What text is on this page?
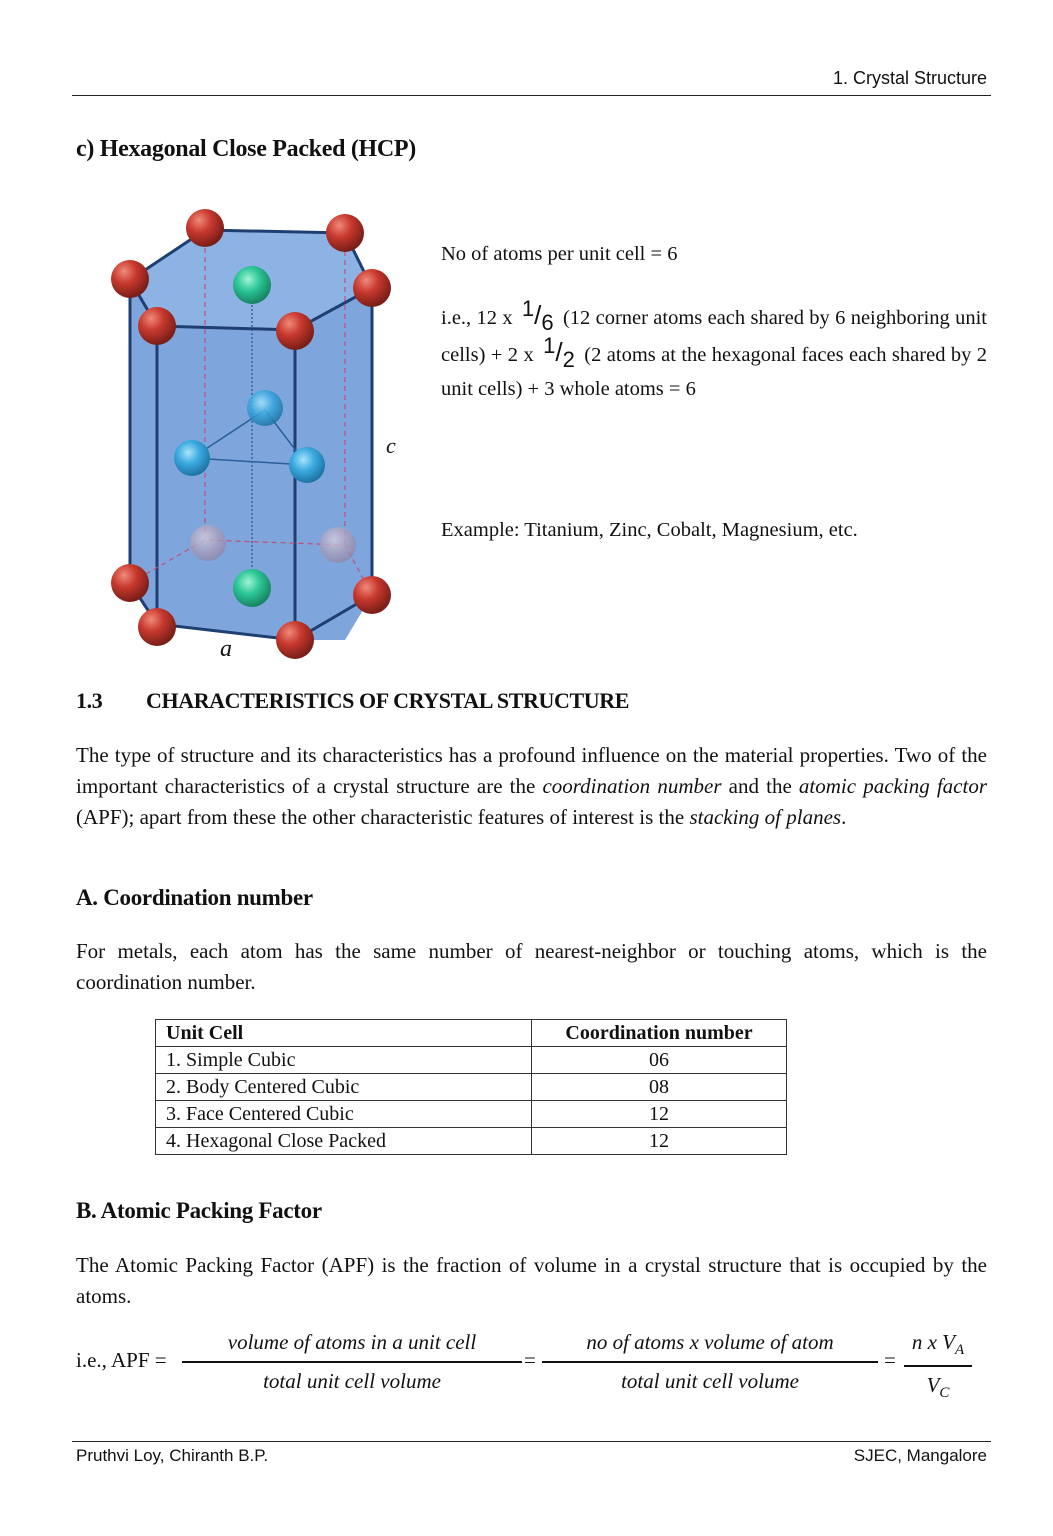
1. Crystal Structure
c) Hexagonal Close Packed (HCP)
c
a
No of atoms per unit cell = 6
i.e., 12 x 1/6 (12 corner atoms each shared by 6 neighboring unit cells) + 2 x 1/2 (2 atoms at the hexagonal faces each shared by 2 unit cells) + 3 whole atoms = 6
Example: Titanium, Zinc, Cobalt, Magnesium, etc.
1.3 CHARACTERISTICS OF CRYSTAL STRUCTURE
The type of structure and its characteristics has a profound influence on the material properties. Two of the important characteristics of a crystal structure are the coordination number and the atomic packing factor (APF); apart from these the other characteristic features of interest is the stacking of planes.
A. Coordination number
For metals, each atom has the same number of nearest-neighbor or touching atoms, which is the coordination number.
Unit Cell	Coordination number
1. Simple Cubic	06
2. Body Centered Cubic	08
3. Face Centered Cubic	12
4. Hexagonal Close Packed	12
B. Atomic Packing Factor
The Atomic Packing Factor (APF) is the fraction of volume in a crystal structure that is occupied by the atoms.
i.e., APF =
volume of atoms in a unit cell
total unit cell volume
=
no of atoms x volume of atom
total unit cell volume
=
n x $V_A$
$V_C$
Pruthvi Loy, Chiranth B.P.	SJEC, Mangalore
